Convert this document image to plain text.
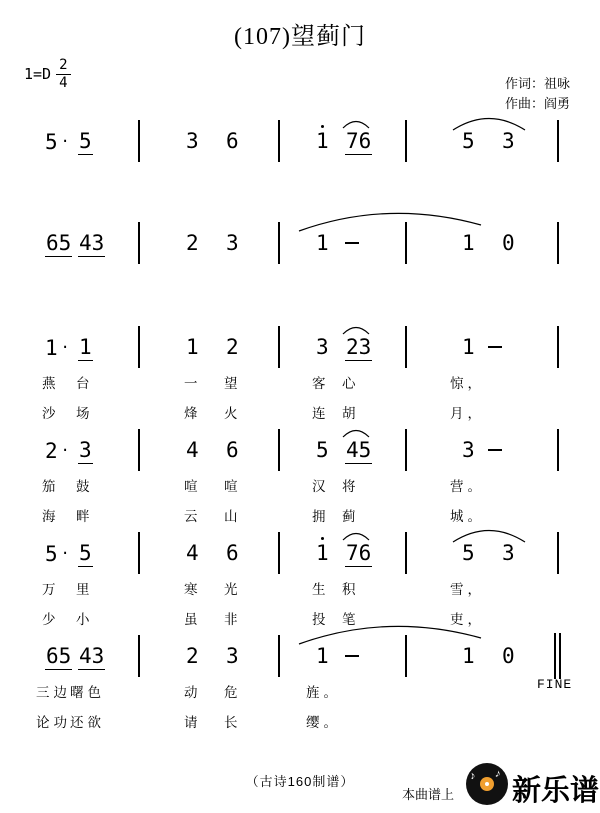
(107)望蓟门
$1=D \frac{2}{4}$	作词：祖咏
作曲：阎勇
5 · 5	3 6	1 76	5 3
65 43	2 3	1	1 0
1 · 1	1 2	3 23	1
燕 台	一 望	客 心	惊，
沙 场	烽 火	连 胡	月，
2 · 3	4 6	5 45	3
笳 鼓	喧 喧	汉 将	营。
海 畔	云 山	拥 蓟	城。
5 · 5	4 6	1 76	5 3
万 里	寒 光	生 积	雪，
少 小	虽 非	投 笔	吏，
65 43	2 3	1	1 0
FINE
三边 曙色	动 危	旌。
论功 还欲	请 长	缨。
（古诗160制谱）
本曲谱上
♪ ♪
新乐谱
